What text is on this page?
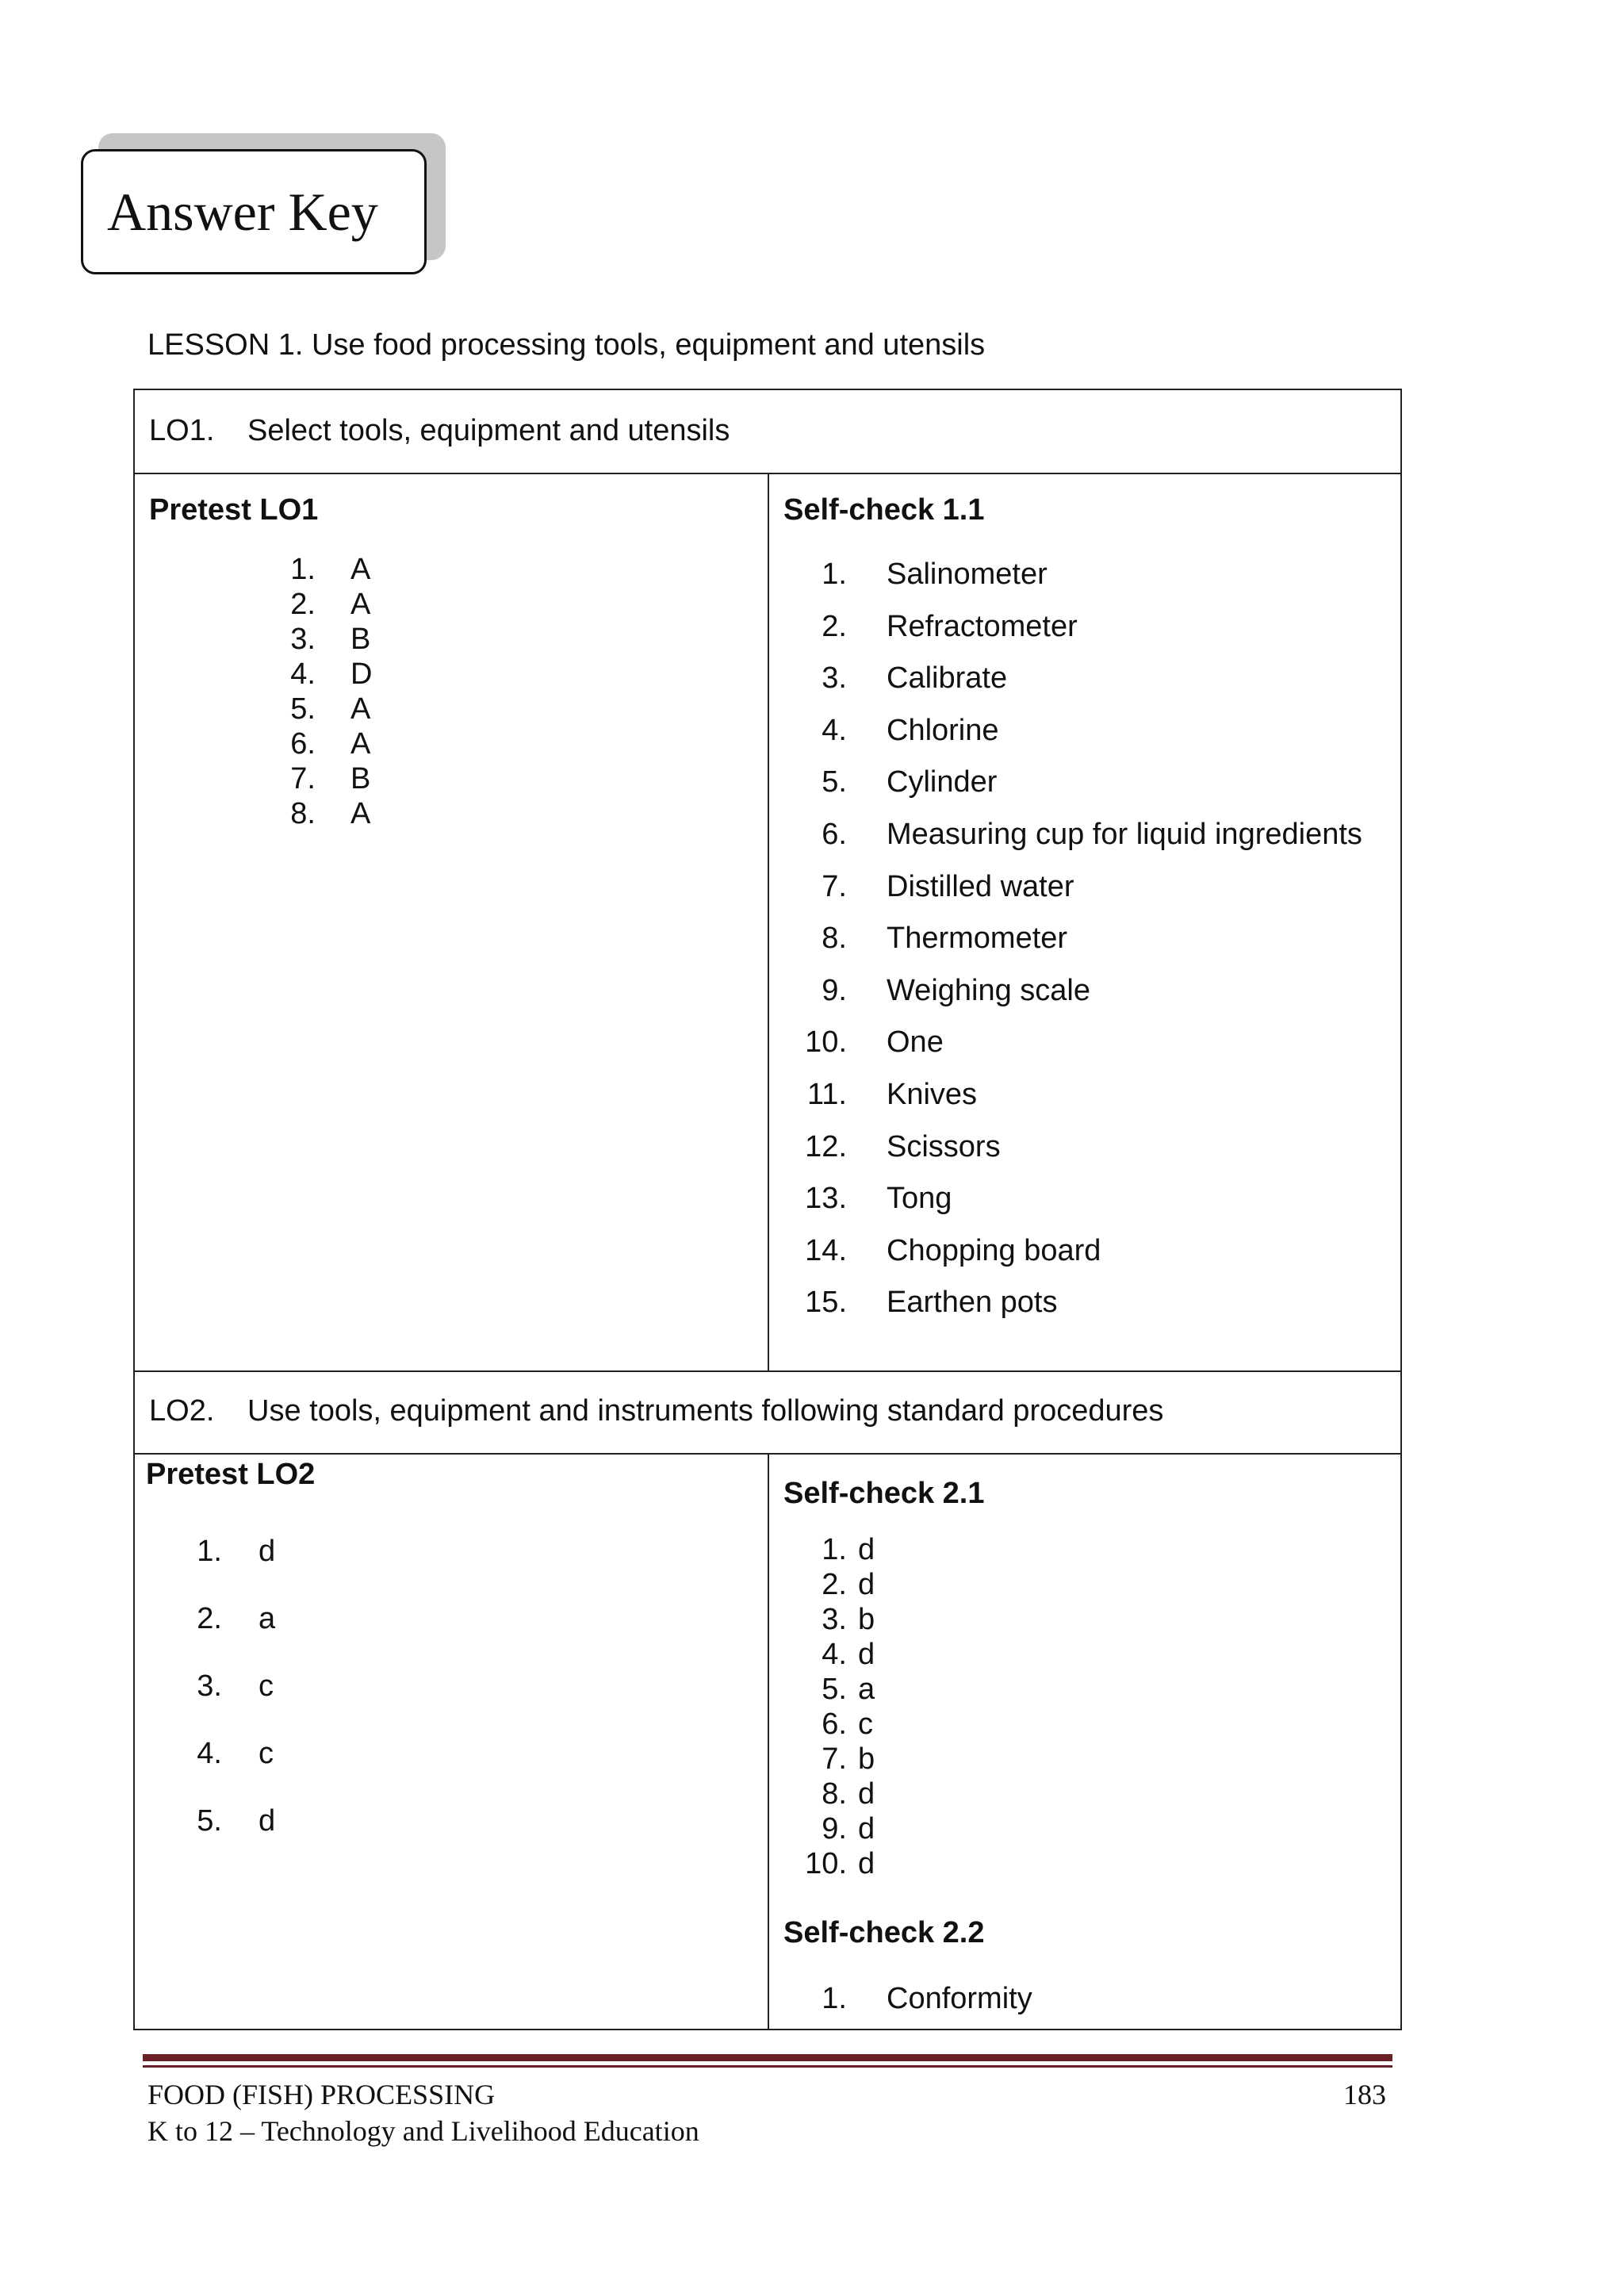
Answer Key
LESSON 1. Use food processing tools, equipment and utensils
LO1. Select tools, equipment and utensils
Pretest LO1
1. A
2. A
3. B
4. D
5. A
6. A
7. B
8. A
Self-check 1.1
1. Salinometer
2. Refractometer
3. Calibrate
4. Chlorine
5. Cylinder
6. Measuring cup for liquid ingredients
7. Distilled water
8. Thermometer
9. Weighing scale
10. One
11. Knives
12. Scissors
13. Tong
14. Chopping board
15. Earthen pots
LO2. Use tools, equipment and instruments following standard procedures
Pretest LO2
1. d
2. a
3. c
4. c
5. d
Self-check 2.1
1. d
2. d
3. b
4. d
5. a
6. c
7. b
8. d
9. d
10. d
Self-check 2.2
1. Conformity
FOOD (FISH) PROCESSING
K to 12 – Technology and Livelihood Education
183
